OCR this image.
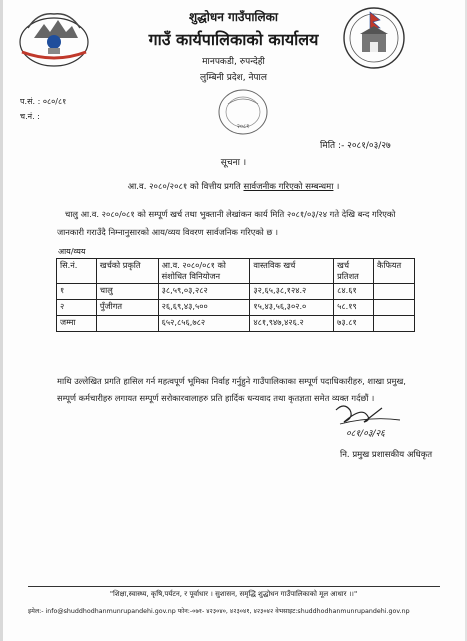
शुद्धोधन गाउँपालिका
गाउँ कार्यपालिकाको कार्यालय
मानपकडी, रुपन्देही
लुम्बिनी प्रदेश, नेपाल
प.सं. : ०८०/८१
च.नं. :
२०८१
मिति :- २०८१/०३/२७
सूचना ।
आ.व. २०८०/२०८१ को वित्तीय प्रगति सार्वजनीक गरिएको सम्बन्धमा ।
चालु आ.व. २०८०/०८१ को सम्पूर्ण खर्च तथा भुक्तानी लेखांकन कार्य मिति २०८१/०३/२४ गते देखि बन्द गरिएको जानकारी गराउँदै निम्नानुसारको आय/व्यय विवरण सार्वजनिक गरिएको छ ।
आय/व्यय
सि.नं.	खर्चको प्रकृति	आ.व. २०८०/०८१ को संशोधित विनियोजन	वास्तविक खर्च	खर्च प्रतिशत	कैफियत
१	चालु	३८,५९,०३,२८२	३२,६५,३८,१२४.२	८४.६१	
२	पुँजीगत	२६,६९,४३,५००	१५,४३,५६,३०२.०	५८.१९	
जम्मा		६५२,८५६,७८२	४८१,९४७,४२६.२	७३.८१	
माथि उल्लेखित प्रगति हासिल गर्न महत्वपूर्ण भूमिका निर्वाह गर्नुहुने गाउँपालिकाका सम्पूर्ण पदाधिकारीहरु, शाखा प्रमुख, सम्पूर्ण कर्मचारीहरु लगायत सम्पूर्ण सरोकारवालाहरु प्रति हार्दिक धन्यवाद तथा कृतज्ञता समेत व्यक्त गर्दछौं ।
०८१/०३/२६
नि. प्रमुख प्रशासकीय अधिकृत
"शिक्षा,स्वास्थ्य, कृषि,पर्यटन, र पूर्वाधार । सुशासन, समृद्धि शुद्धोधन गाउँपालिकाको मूल आधार ।।"
इमेल:- info@shuddhodhanmunrupandehi.gov.np फोन:-०७१- ४२३०४०, ४२३०४१, ४२३०४२ वेभसाइट:shuddhodhanmunrupandehi.gov.np
